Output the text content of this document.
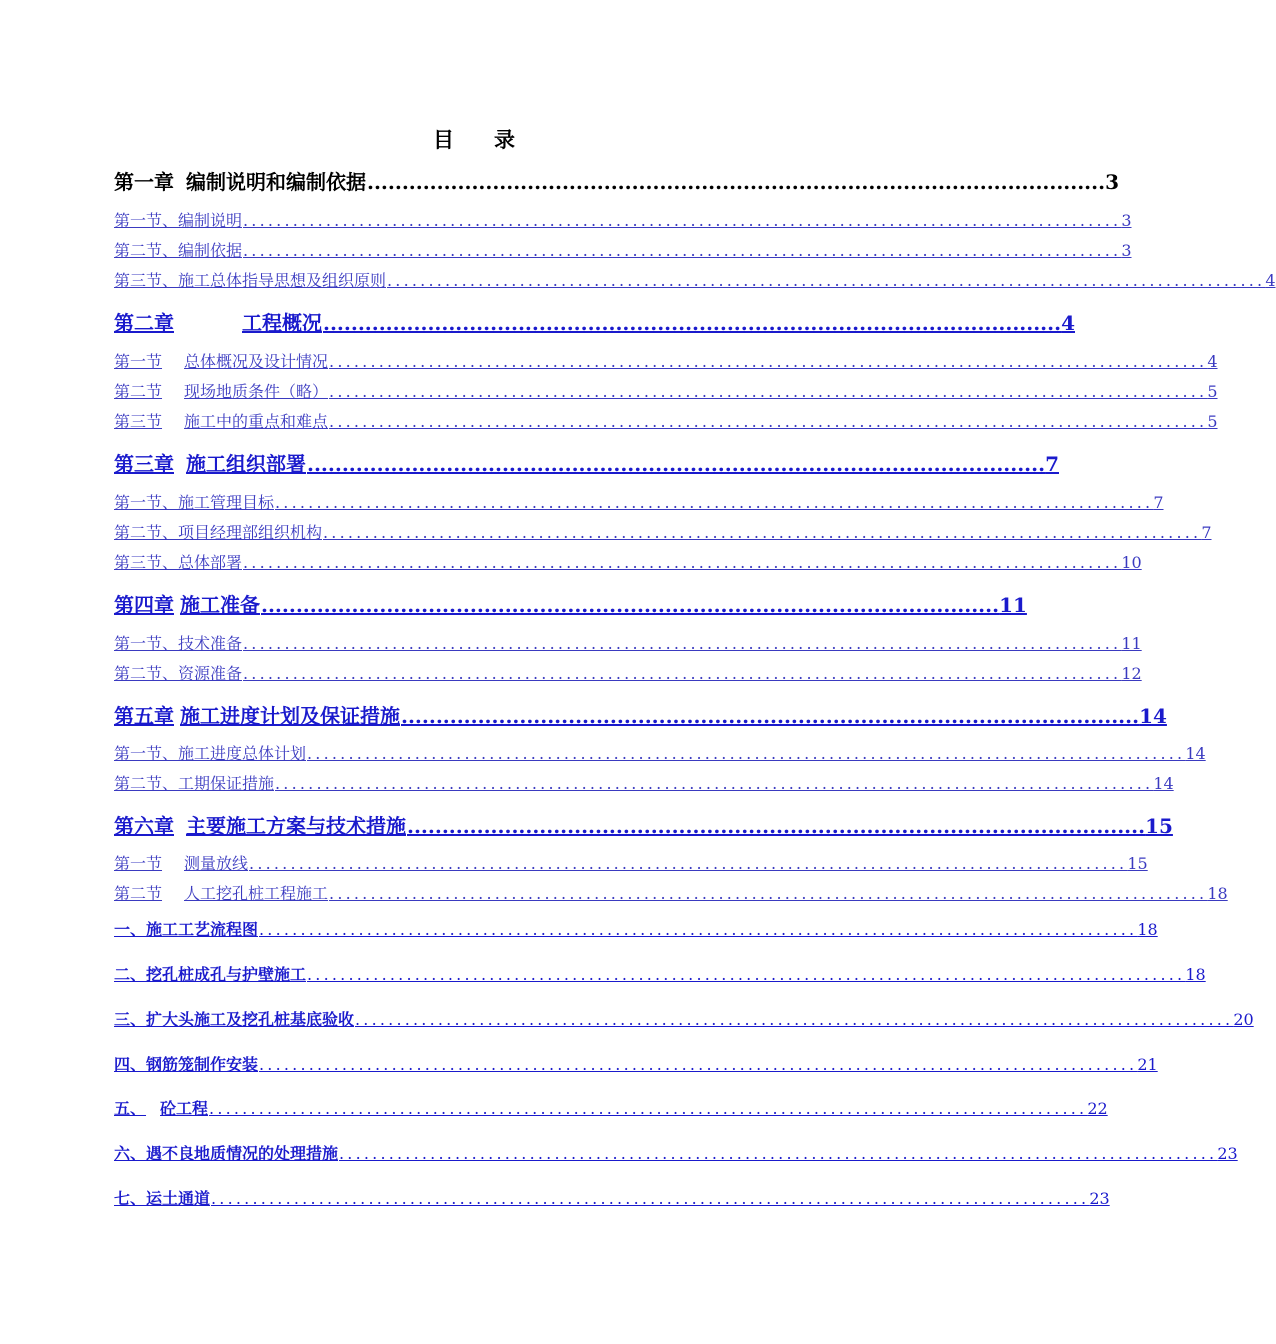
目 录
第一章 编制说明和编制依据 .......................................................................................................... 3
第一节、编制说明 .......................................................................................................... 3
第二节、编制依据 .......................................................................................................... 3
第三节、施工总体指导思想及组织原则 .......................................................................................................... 4
第二章	工程概况 .......................................................................................................... 4
第一节 总体概况及设计情况 .......................................................................................................... 4
第二节 现场地质条件（略） .......................................................................................................... 5
第三节 施工中的重点和难点 .......................................................................................................... 5
第三章 施工组织部署 .......................................................................................................... 7
第一节、施工管理目标 .......................................................................................................... 7
第二节、项目经理部组织机构 .......................................................................................................... 7
第三节、总体部署 .......................................................................................................... 10
第四章 施工准备 .......................................................................................................... 11
第一节、技术准备 .......................................................................................................... 11
第二节、资源准备 .......................................................................................................... 12
第五章 施工进度计划及保证措施 .......................................................................................................... 14
第一节、施工进度总体计划 .......................................................................................................... 14
第二节、工期保证措施 .......................................................................................................... 14
第六章 主要施工方案与技术措施 .......................................................................................................... 15
第一节 测量放线 .......................................................................................................... 15
第二节 人工挖孔桩工程施工 .......................................................................................................... 18
一、施工工艺流程图 .......................................................................................................... 18
二、挖孔桩成孔与护壁施工 .......................................................................................................... 18
三、扩大头施工及挖孔桩基底验收 .......................................................................................................... 20
四、钢筋笼制作安装 .......................................................................................................... 21
五、 砼工程 .......................................................................................................... 22
六、遇不良地质情况的处理措施 .......................................................................................................... 23
七、运土通道 .......................................................................................................... 23
